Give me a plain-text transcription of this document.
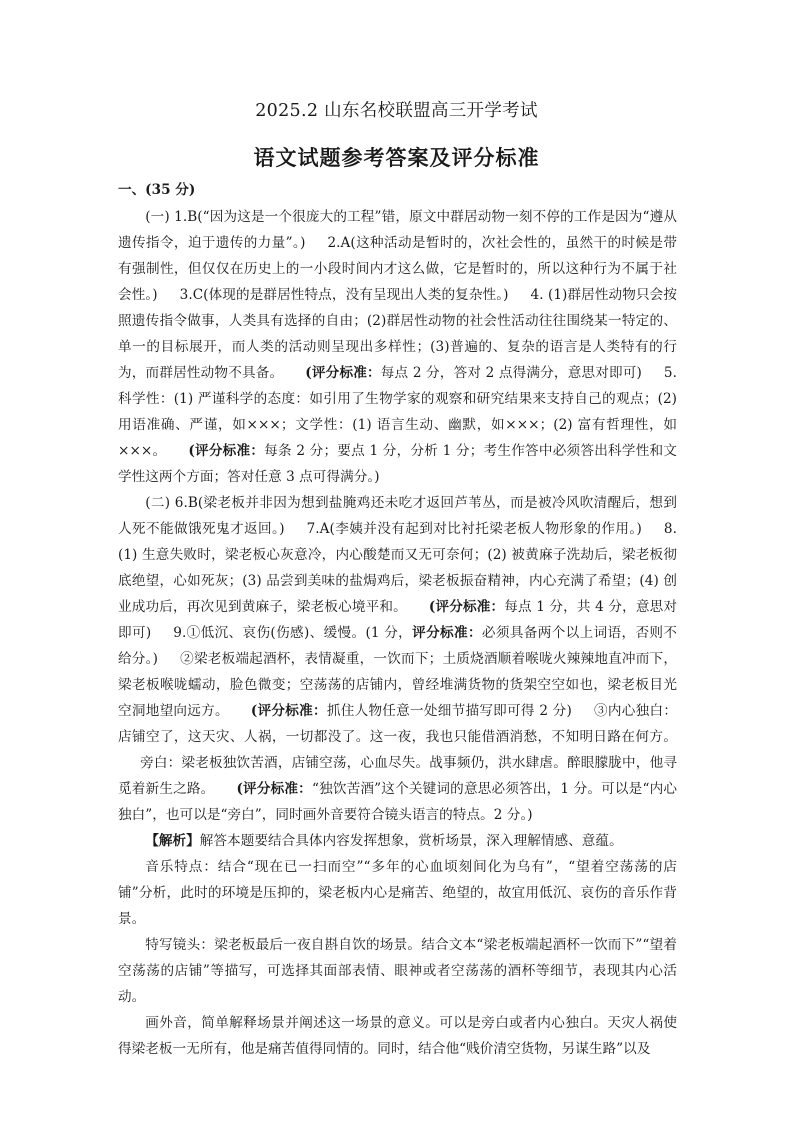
2025.2 山东名校联盟高三开学考试
语文试题参考答案及评分标准
一、(35 分)

(一) 1.B(“因为这是一个很庞大的工程”错，原文中群居动物一刻不停的工作是因为“遵从遗传指令，迫于遗传的力量”。) 2.A(这种活动是暂时的，次社会性的，虽然干的时候是带有强制性，但仅仅在历史上的一小段时间内才这么做，它是暂时的，所以这种行为不属于社会性。) 3.C(体现的是群居性特点，没有呈现出人类的复杂性。) 4. (1)群居性动物只会按照遗传指令做事，人类具有选择的自由；(2)群居性动物的社会性活动往往围绕某一特定的、单一的目标展开，而人类的活动则呈现出多样性；(3)普遍的、复杂的语言是人类特有的行为，而群居性动物不具备。 (评分标准：每点 2 分，答对 2 点得满分，意思对即可) 5.科学性：(1) 严谨科学的态度：如引用了生物学家的观察和研究结果来支持自己的观点；(2) 用语准确、严谨，如×××；文学性：(1) 语言生动、幽默，如×××；(2) 富有哲理性，如×××。 (评分标准：每条 2 分；要点 1 分，分析 1 分；考生作答中必须答出科学性和文学性这两个方面；答对任意 3 点可得满分。)

(二) 6.B(梁老板并非因为想到盐腌鸡还未吃才返回芦苇丛，而是被冷风吹清醒后，想到人死不能做饿死鬼才返回。) 7.A(李姨并没有起到对比衬托梁老板人物形象的作用。) 8. (1) 生意失败时，梁老板心灰意冷，内心酸楚而又无可奈何；(2) 被黄麻子洗劫后，梁老板彻底绝望，心如死灰；(3) 品尝到美味的盐焗鸡后，梁老板振奋精神，内心充满了希望；(4) 创业成功后，再次见到黄麻子，梁老板心境平和。 (评分标准：每点 1 分，共 4 分，意思对即可) 9.①低沉、哀伤(伤感)、缓慢。(1 分，评分标准：必须具备两个以上词语，否则不给分。) ②梁老板端起酒杯，表情凝重，一饮而下；土质烧酒顺着喉咙火辣辣地直冲而下，梁老板喉咙蠕动，脸色微变；空荡荡的店铺内，曾经堆满货物的货架空空如也，梁老板目光空洞地望向远方。 (评分标准：抓住人物任意一处细节描写即可得 2 分) ③内心独白：店铺空了，这天灾、人祸，一切都没了。这一夜，我也只能借酒消愁，不知明日路在何方。旁白：梁老板独饮苦酒，店铺空荡，心血尽失。战事频仍，洪水肆虐。醉眼朦胧中，他寻觅着新生之路。 (评分标准：“独饮苦酒”这个关键词的意思必须答出，1 分。可以是“内心独白”，也可以是“旁白”，同时画外音要符合镜头语言的特点。2 分。)

【解析】解答本题要结合具体内容发挥想象，赏析场景，深入理解情感、意蕴。

音乐特点：结合“现在已一扫而空”“多年的心血顷刻间化为乌有”，“望着空荡荡的店铺”分析，此时的环境是压抑的，梁老板内心是痛苦、绝望的，故宜用低沉、哀伤的音乐作背景。

特写镜头：梁老板最后一夜自斟自饮的场景。结合文本“梁老板端起酒杯一饮而下”“望着空荡荡的店铺”等描写，可选择其面部表情、眼神或者空荡荡的酒杯等细节，表现其内心活动。

画外音，简单解释场景并阐述这一场景的意义。可以是旁白或者内心独白。天灾人祸使得梁老板一无所有，他是痛苦值得同情的。同时，结合他“贱价清空货物，另谋生路”以及
